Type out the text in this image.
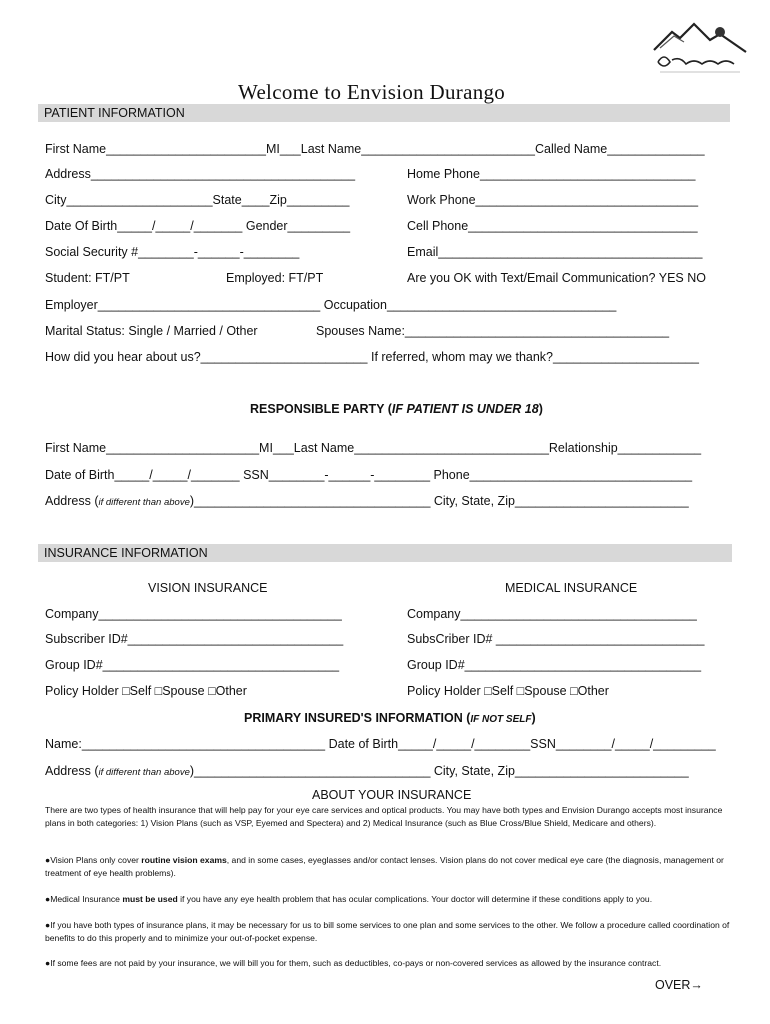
Welcome to Envision Durango
PATIENT INFORMATION
First Name_______________________MI___Last Name_________________________Called Name______________
Address______________________________________	Home Phone_______________________________
City_____________________State____Zip_________	Work Phone________________________________
Date Of Birth_____/_____/_______ Gender_________	Cell Phone_________________________________
Social Security #________-______-________	Email______________________________________
Student: FT/PT	Employed: FT/PT	Are you OK with Text/Email Communication? YES NO
Employer________________________________ Occupation_________________________________
Marital Status: Single / Married / Other	Spouses Name:______________________________________
How did you hear about us?________________________ If referred, whom may we thank?_____________________
RESPONSIBLE PARTY (IF PATIENT IS UNDER 18)
First Name______________________MI___Last Name____________________________Relationship____________
Date of Birth_____/_____/_______ SSN________-______-________ Phone________________________________
Address (if different than above)__________________________________ City, State, Zip_________________________
INSURANCE INFORMATION
VISION INSURANCE	MEDICAL INSURANCE
Company___________________________________	Company__________________________________
Subscriber ID#_______________________________	SubsCriber ID# ______________________________
Group ID#__________________________________	Group ID#__________________________________
Policy Holder □Self □Spouse □Other	Policy Holder □Self □Spouse □Other
PRIMARY INSURED'S INFORMATION (IF NOT SELF)
Name:___________________________________ Date of Birth_____/_____/________SSN________/_____/_________
Address (if different than above)__________________________________ City, State, Zip_________________________
ABOUT YOUR INSURANCE
There are two types of health insurance that will help pay for your eye care services and optical products. You may have both types and Envision Durango accepts most insurance plans in both categories: 1) Vision Plans (such as VSP, Eyemed and Spectera) and 2) Medical Insurance (such as Blue Cross/Blue Shield, Medicare and others).
●Vision Plans only cover routine vision exams, and in some cases, eyeglasses and/or contact lenses. Vision plans do not cover medical eye care (the diagnosis, management or treatment of eye health problems).
●Medical Insurance must be used if you have any eye health problem that has ocular complications. Your doctor will determine if these conditions apply to you.
●If you have both types of insurance plans, it may be necessary for us to bill some services to one plan and some services to the other. We follow a procedure called coordination of benefits to do this properly and to minimize your out-of-pocket expense.
●If some fees are not paid by your insurance, we will bill you for them, such as deductibles, co-pays or non-covered services as allowed by the insurance contract.
OVER→
